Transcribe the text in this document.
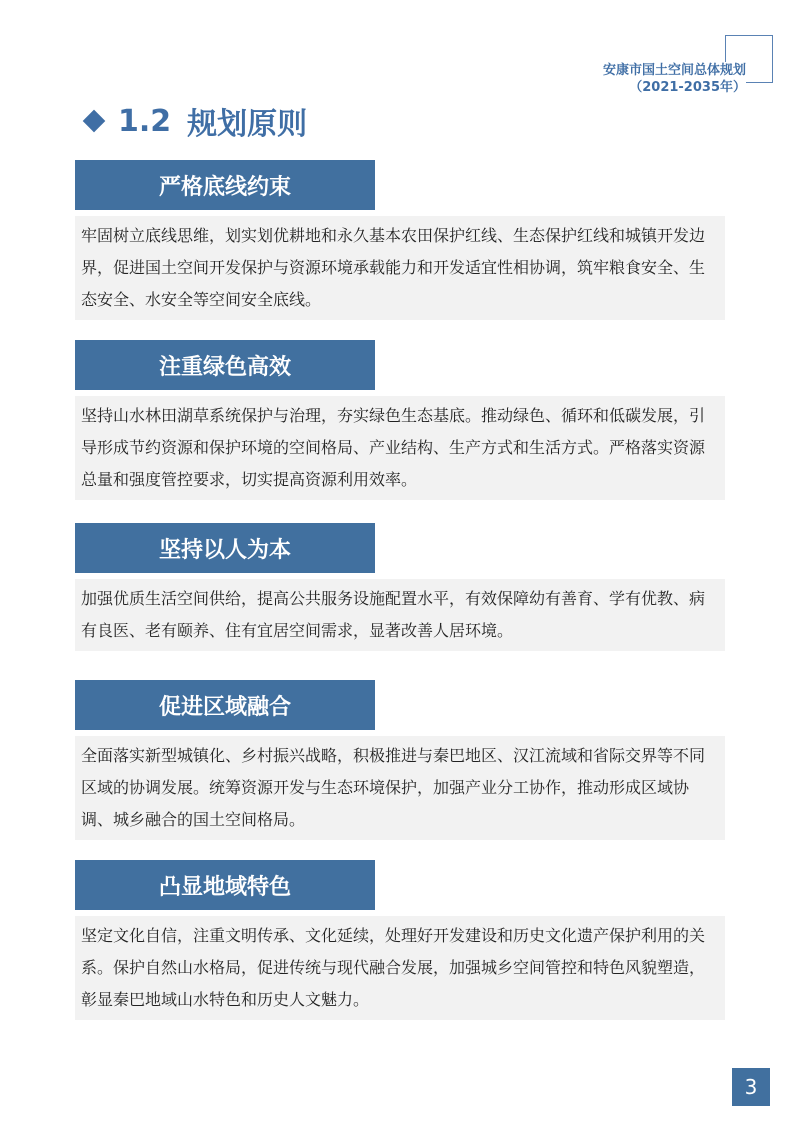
安康市国土空间总体规划
（2021-2035年）
1.2 规划原则
严格底线约束
牢固树立底线思维，划实划优耕地和永久基本农田保护红线、生态保护红线和城镇开发边界，促进国土空间开发保护与资源环境承载能力和开发适宜性相协调，筑牢粮食安全、生态安全、水安全等空间安全底线。
注重绿色高效
坚持山水林田湖草系统保护与治理，夯实绿色生态基底。推动绿色、循环和低碳发展，引导形成节约资源和保护环境的空间格局、产业结构、生产方式和生活方式。严格落实资源总量和强度管控要求，切实提高资源利用效率。
坚持以人为本
加强优质生活空间供给，提高公共服务设施配置水平，有效保障幼有善育、学有优教、病有良医、老有颐养、住有宜居空间需求，显著改善人居环境。
促进区域融合
全面落实新型城镇化、乡村振兴战略，积极推进与秦巴地区、汉江流域和省际交界等不同区域的协调发展。统筹资源开发与生态环境保护，加强产业分工协作，推动形成区域协调、城乡融合的国土空间格局。
凸显地域特色
坚定文化自信，注重文明传承、文化延续，处理好开发建设和历史文化遗产保护利用的关系。保护自然山水格局，促进传统与现代融合发展，加强城乡空间管控和特色风貌塑造，彰显秦巴地域山水特色和历史人文魅力。
3
